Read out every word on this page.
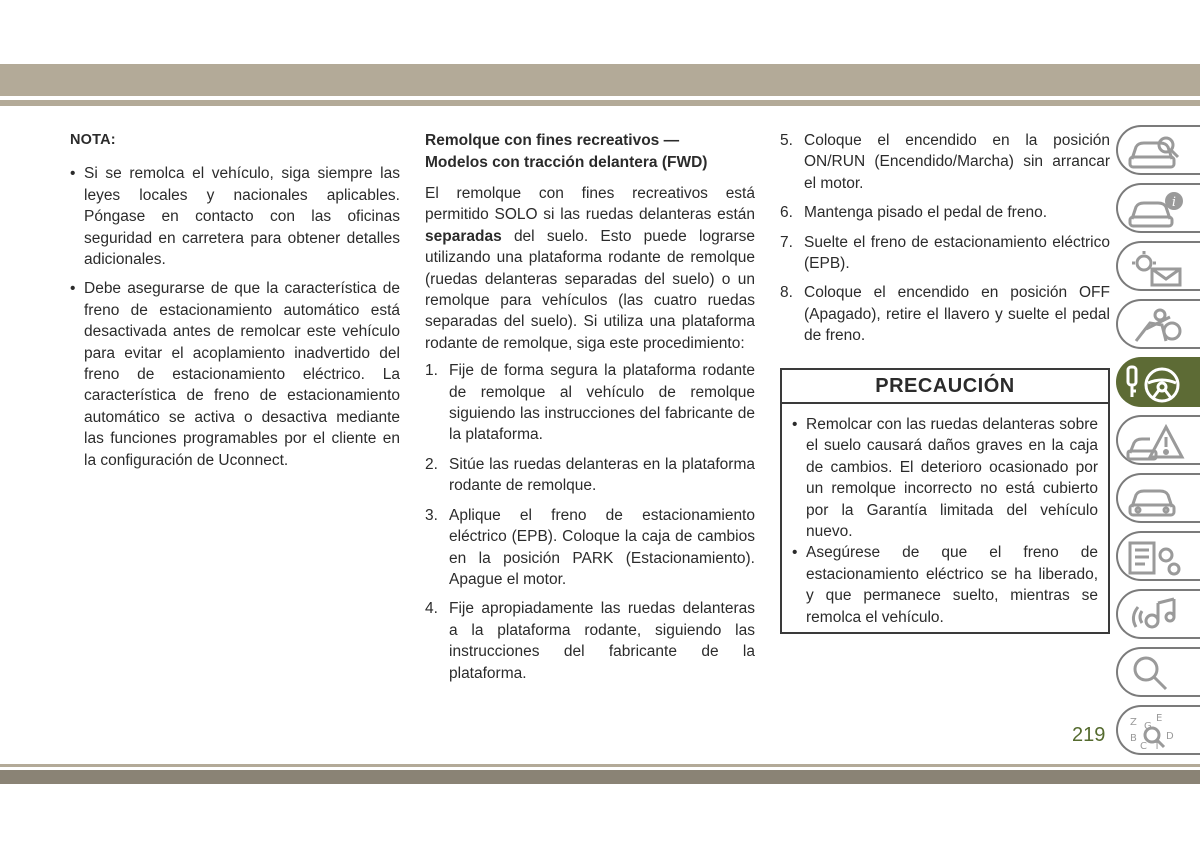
NOTA:

• Si se remolca el vehículo, siga siempre las leyes locales y nacionales aplicables. Póngase en contacto con las oficinas seguridad en carretera para obtener detalles adicionales.
• Debe asegurarse de que la característica de freno de estacionamiento automático está desactivada antes de remolcar este vehículo para evitar el acoplamiento inadvertido del freno de estacionamiento eléctrico. La característica de freno de estacionamiento automático se activa o desactiva mediante las funciones programables por el cliente en la configuración de Uconnect.
Remolque con fines recreativos —
Modelos con tracción delantera (FWD)

El remolque con fines recreativos está permitido SOLO si las ruedas delanteras están separadas del suelo. Esto puede lograrse utilizando una plataforma rodante de remolque (ruedas delanteras separadas del suelo) o un remolque para vehículos (las cuatro ruedas separadas del suelo). Si utiliza una plataforma rodante de remolque, siga este procedimiento:

1. Fije de forma segura la plataforma rodante de remolque al vehículo de remolque siguiendo las instrucciones del fabricante de la plataforma.
2. Sitúe las ruedas delanteras en la plataforma rodante de remolque.
3. Aplique el freno de estacionamiento eléctrico (EPB). Coloque la caja de cambios en la posición PARK (Estacionamiento). Apague el motor.
4. Fije apropiadamente las ruedas delanteras a la plataforma rodante, siguiendo las instrucciones del fabricante de la plataforma.
5. Coloque el encendido en la posición ON/RUN (Encendido/Marcha) sin arrancar el motor.
6. Mantenga pisado el pedal de freno.
7. Suelte el freno de estacionamiento eléctrico (EPB).
8. Coloque el encendido en posición OFF (Apagado), retire el llavero y suelte el pedal de freno.
PRECAUCIÓN
• Remolcar con las ruedas delanteras sobre el suelo causará daños graves en la caja de cambios. El deterioro ocasionado por un remolque incorrecto no está cubierto por la Garantía limitada del vehículo nuevo.
• Asegúrese de que el freno de estacionamiento eléctrico se ha liberado, y que permanece suelto, mientras se remolca el vehículo.
i
Z E
G
B	D
C T
219
